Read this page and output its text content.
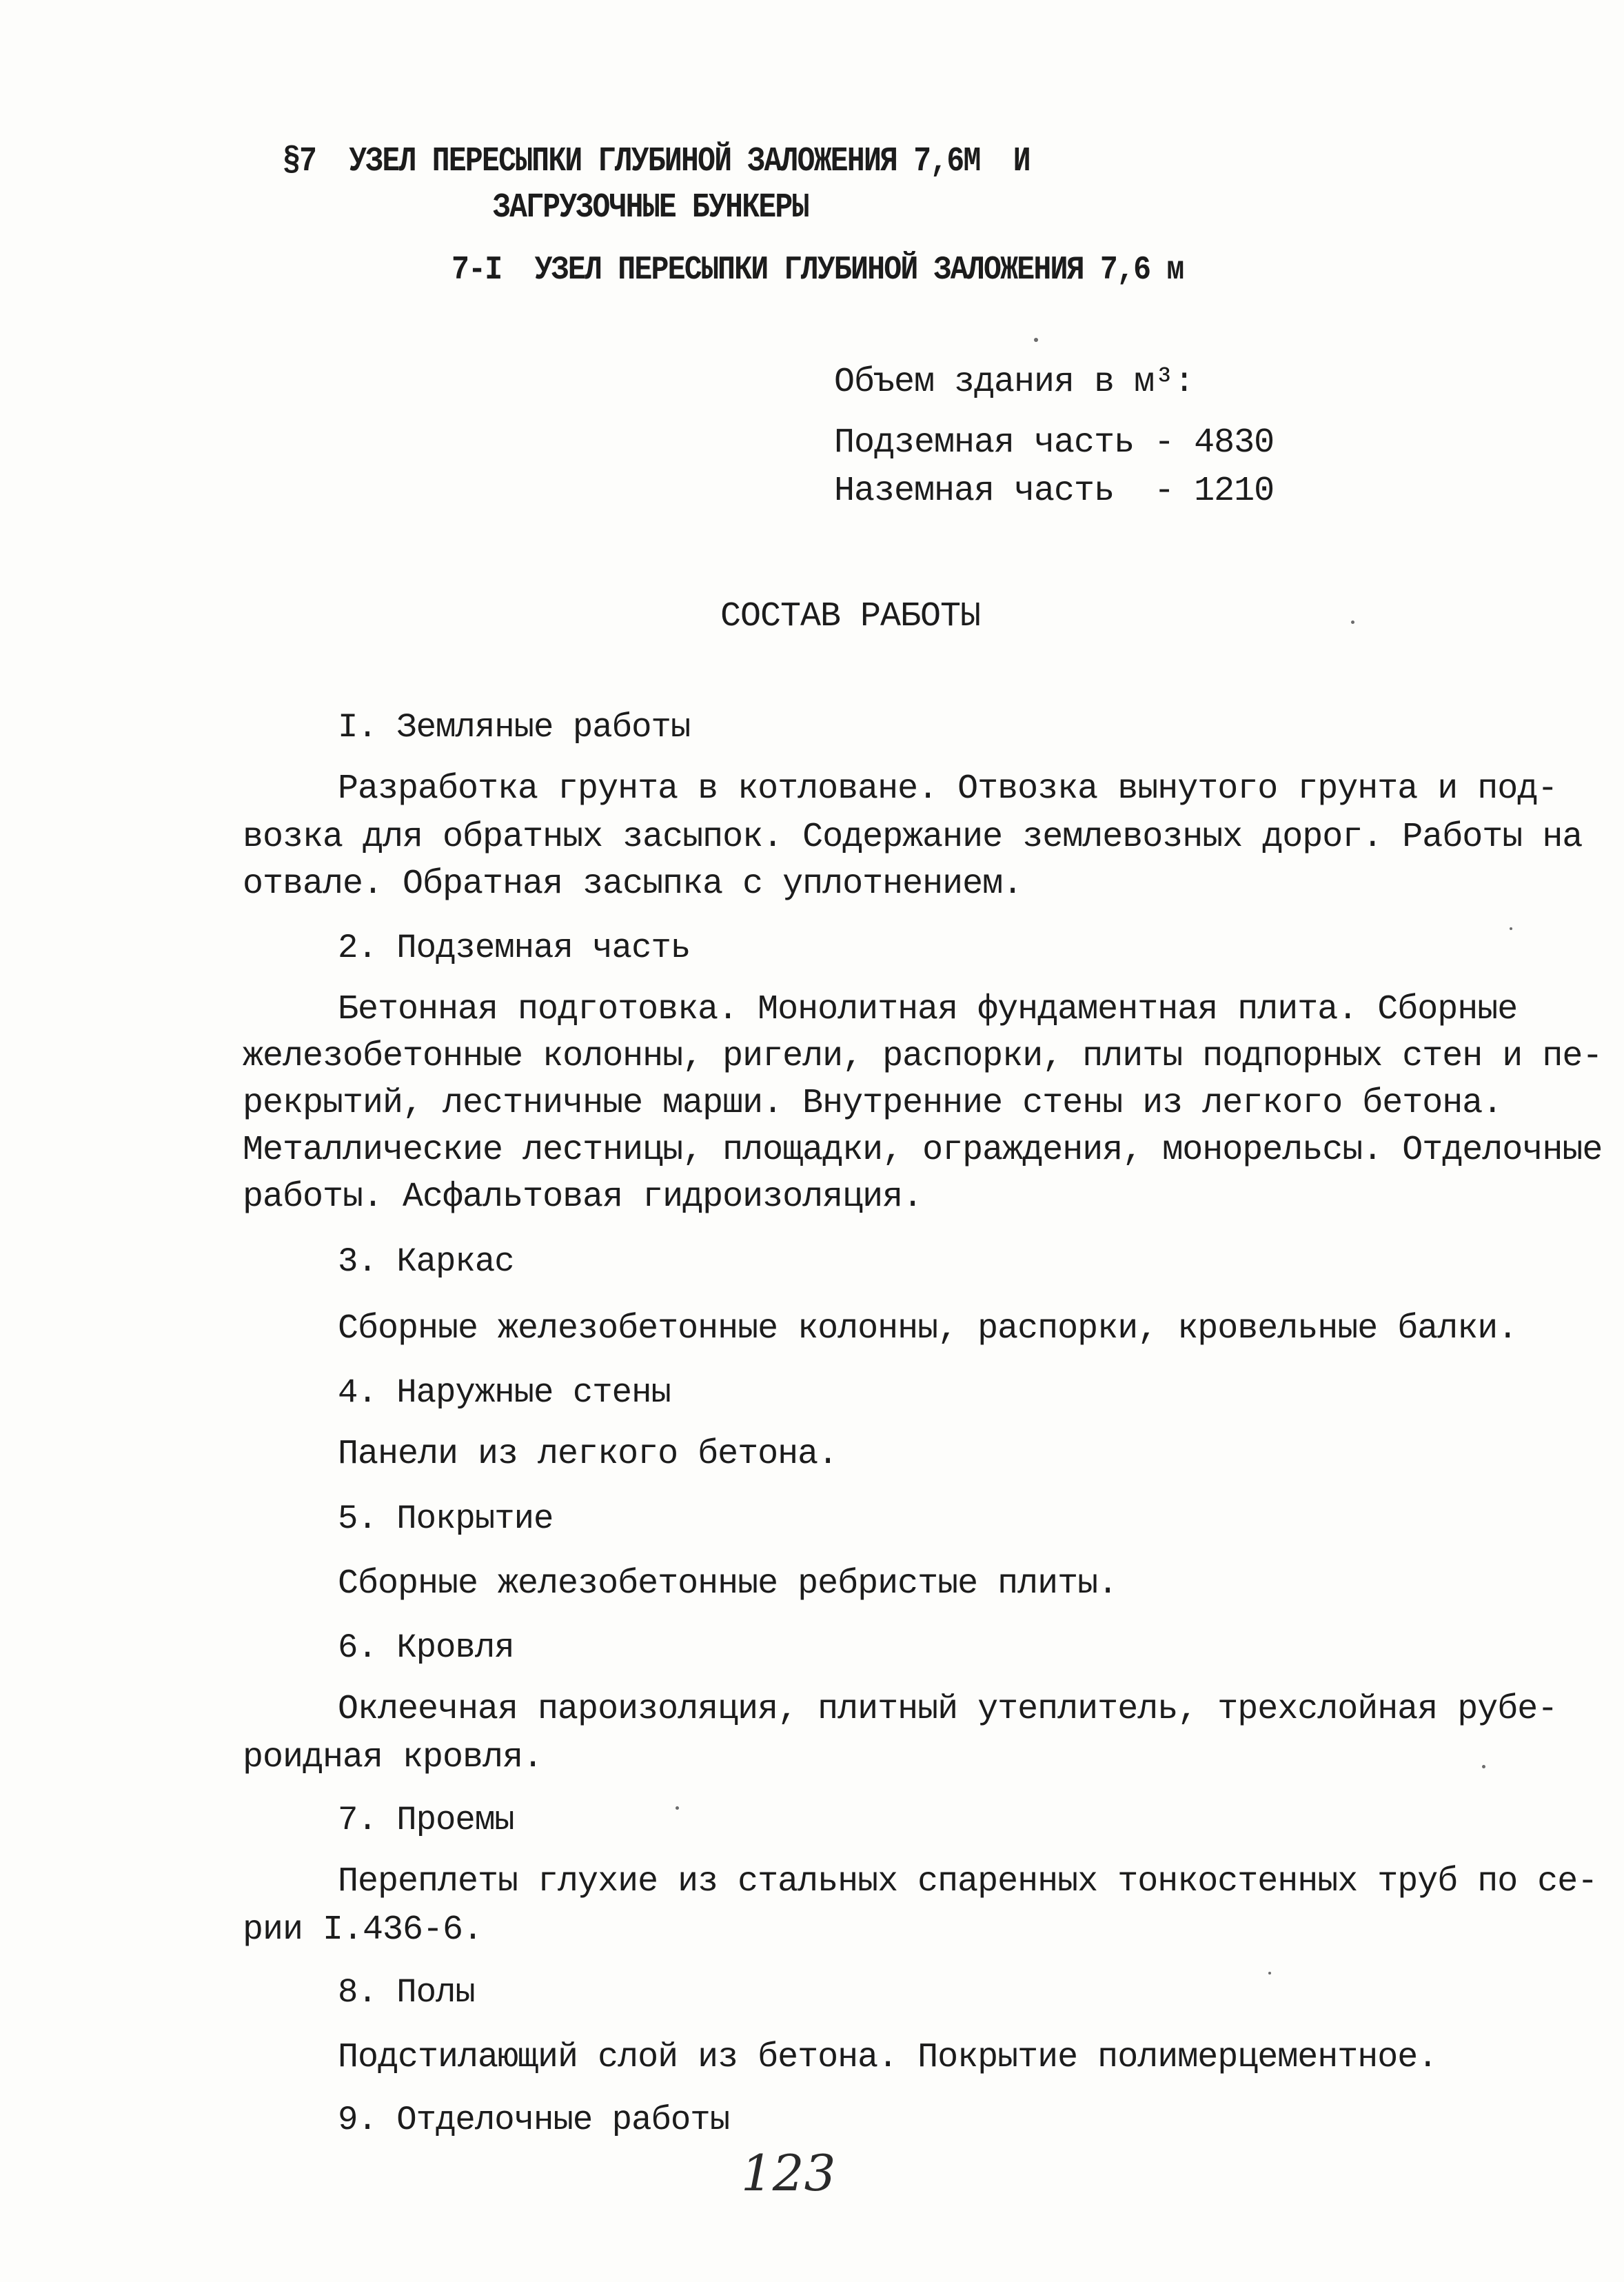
§7  УЗЕЛ ПЕРЕСЫПКИ ГЛУБИНОЙ ЗАЛОЖЕНИЯ 7,6М  И
ЗАГРУЗОЧНЫЕ БУНКЕРЫ
7-I  УЗЕЛ ПЕРЕСЫПКИ ГЛУБИНОЙ ЗАЛОЖЕНИЯ 7,6 м
Объем здания в м³:
Подземная часть - 4830
Наземная часть  - 1210
СОСТАВ РАБОТЫ
I. Земляные работы
Разработка грунта в котловане. Отвозка вынутого грунта и под-
возка для обратных засыпок. Содержание землевозных дорог. Работы на
отвале. Обратная засыпка с уплотнением.
2. Подземная часть
Бетонная подготовка. Монолитная фундаментная плита. Сборные
железобетонные колонны, ригели, распорки, плиты подпорных стен и пе-
рекрытий, лестничные марши. Внутренние стены из легкого бетона.
Металлические лестницы, площадки, ограждения, монорельсы. Отделочные
работы. Асфальтовая гидроизоляция.
3. Каркас
Сборные железобетонные колонны, распорки, кровельные балки.
4. Наружные стены
Панели из легкого бетона.
5. Покрытие
Сборные железобетонные ребристые плиты.
6. Кровля
Оклеечная пароизоляция, плитный утеплитель, трехслойная рубе-
роидная кровля.
7. Проемы
Переплеты глухие из стальных спаренных тонкостенных труб по се-
рии I.436-6.
8. Полы
Подстилающий слой из бетона. Покрытие полимерцементное.
9. Отделочные работы
123
